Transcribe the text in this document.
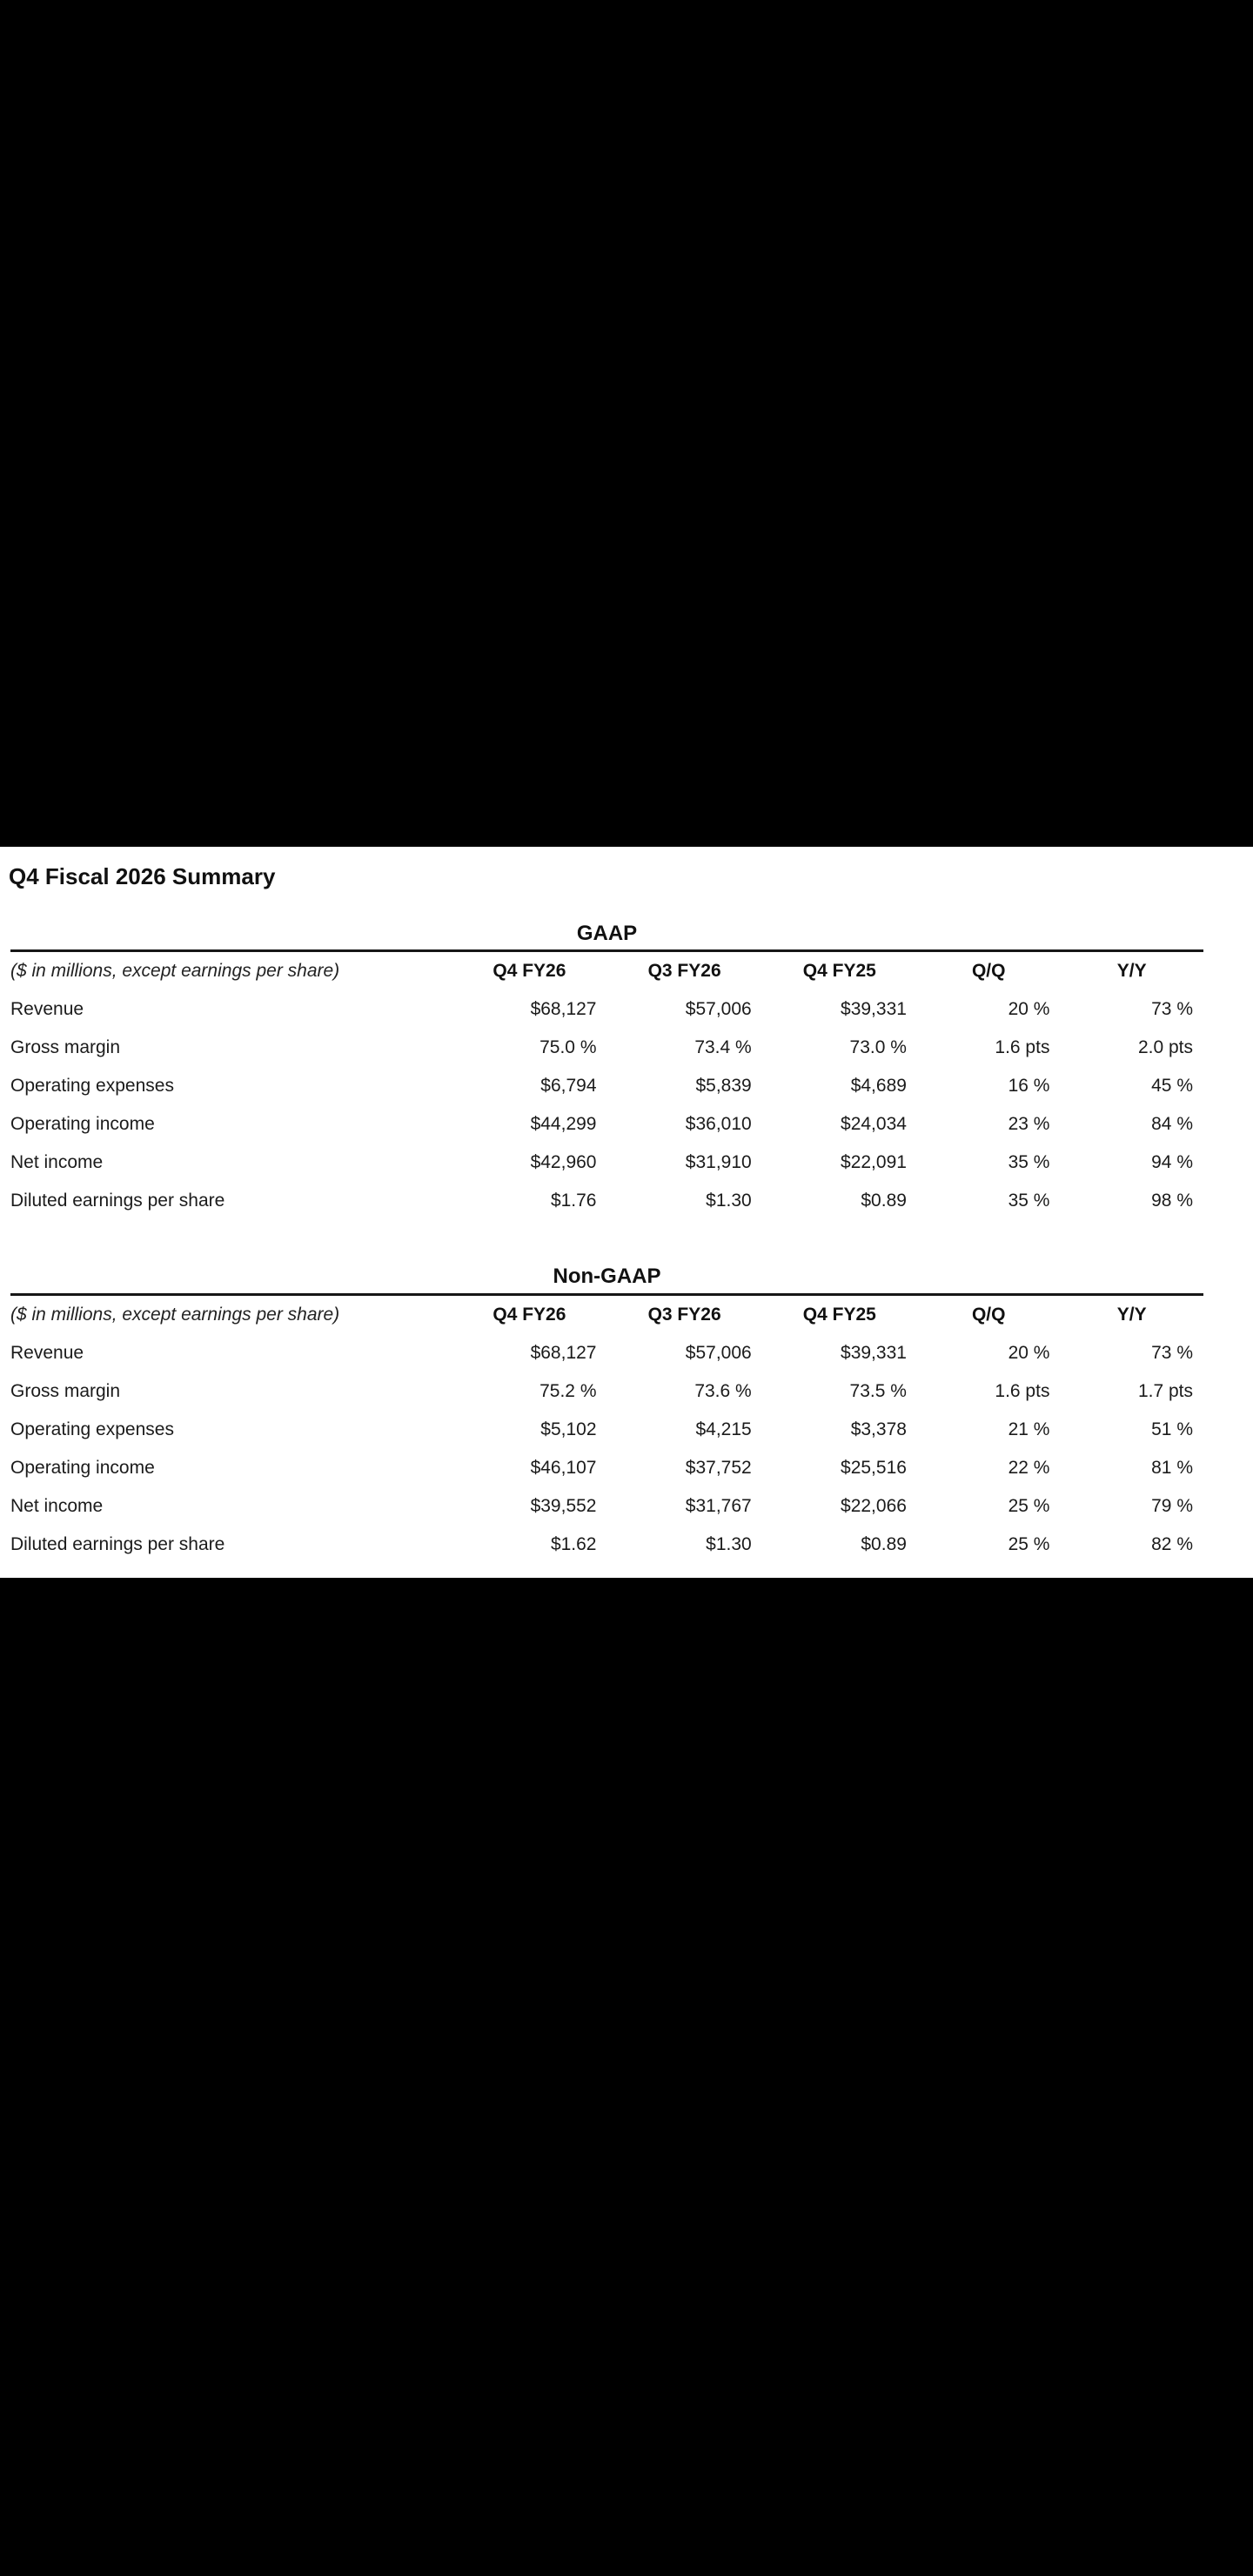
Q4 Fiscal 2026 Summary
GAAP
($ in millions, except earnings per share)	Q4 FY26	Q3 FY26	Q4 FY25	Q/Q	Y/Y
Revenue	$68,127	$57,006	$39,331	20 %	73 %
Gross margin	75.0 %	73.4 %	73.0 %	1.6 pts	2.0 pts
Operating expenses	$6,794	$5,839	$4,689	16 %	45 %
Operating income	$44,299	$36,010	$24,034	23 %	84 %
Net income	$42,960	$31,910	$22,091	35 %	94 %
Diluted earnings per share	$1.76	$1.30	$0.89	35 %	98 %
Non-GAAP
($ in millions, except earnings per share)	Q4 FY26	Q3 FY26	Q4 FY25	Q/Q	Y/Y
Revenue	$68,127	$57,006	$39,331	20 %	73 %
Gross margin	75.2 %	73.6 %	73.5 %	1.6 pts	1.7 pts
Operating expenses	$5,102	$4,215	$3,378	21 %	51 %
Operating income	$46,107	$37,752	$25,516	22 %	81 %
Net income	$39,552	$31,767	$22,066	25 %	79 %
Diluted earnings per share	$1.62	$1.30	$0.89	25 %	82 %
